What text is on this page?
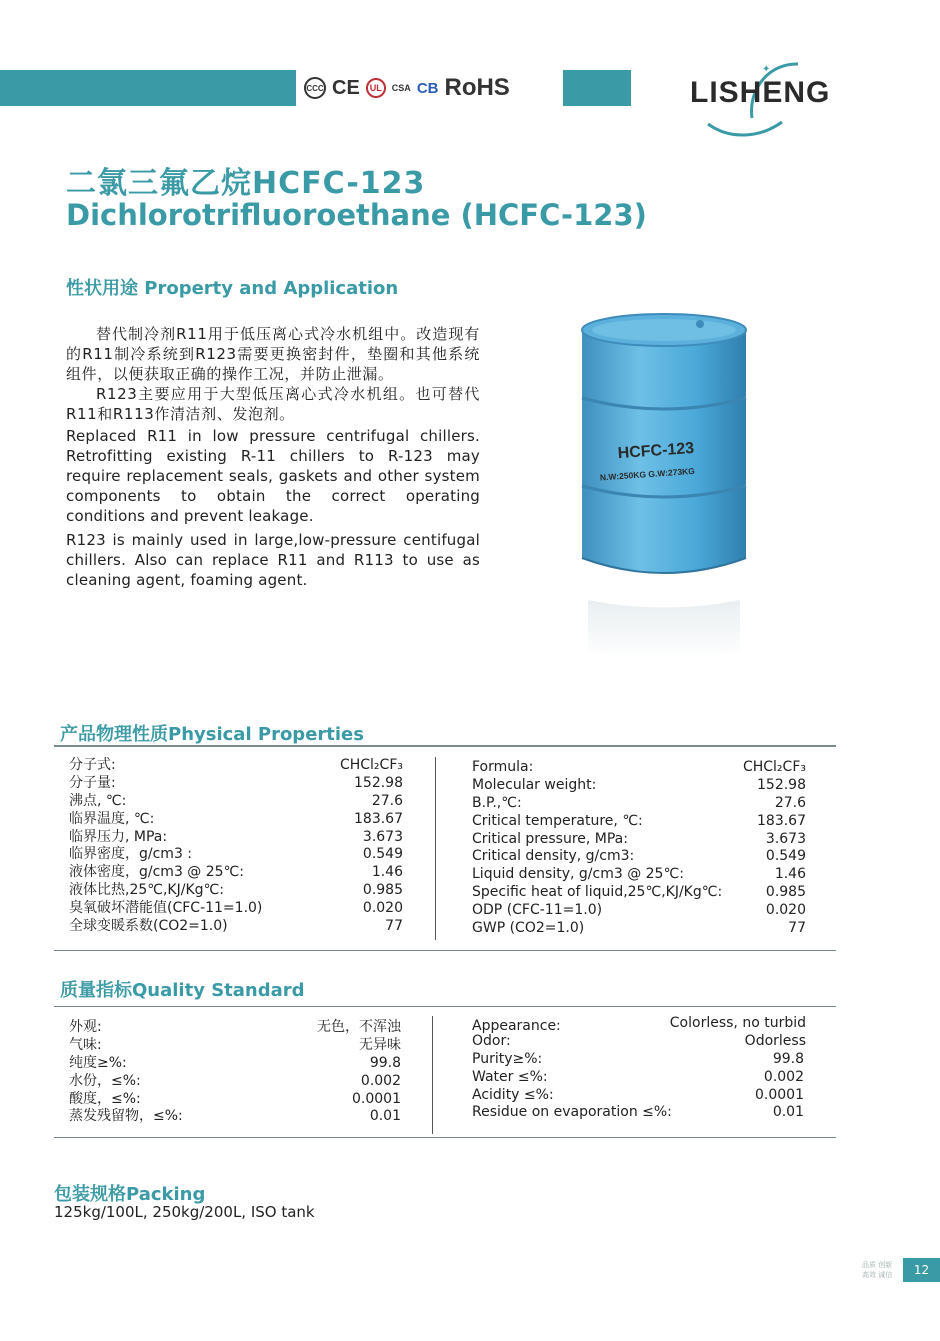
CCC CE	UL	CSA CB RoHS
✦
LISHENG
二氯三氟乙烷HCFC-123
Dichlorotrifluoroethane (HCFC-123)
性状用途 Property and Application

替代制冷剂R11用于低压离心式冷水机组中。改造现有的R11制冷系统到R123需要更换密封件，垫圈和其他系统组件，以便获取正确的操作工况，并防止泄漏。

R123主要应用于大型低压离心式冷水机组。也可替代R11和R113作清洁剂、发泡剂。

Replaced R11 in low pressure centrifugal chillers. Retrofitting existing R-11 chillers to R-123 may require replacement seals, gaskets and other system components to obtain the correct operating conditions and prevent leakage.

R123 is mainly used in large,low-pressure centifugal chillers. Also can replace R11 and R113 to use as cleaning agent, foaming agent.

HCFC-123
N.W:250KG G.W:273KG
产品物理性质Physical Properties
分子式:	CHCl₂CF₃
分子量:	152.98
沸点, ℃:	27.6
临界温度, ℃:	183.67
临界压力, MPa:	3.673
临界密度，g/cm3 :	0.549
液体密度，g/cm3 @ 25℃:	1.46
液体比热,25℃,KJ/Kg℃:	0.985
臭氧破坏潜能值(CFC-11=1.0)	0.020
全球变暖系数(CO2=1.0)	77
Formula:	CHCl₂CF₃
Molecular weight:	152.98
B.P.,℃:	27.6
Critical temperature, ℃:	183.67
Critical pressure, MPa:	3.673
Critical density, g/cm3:	0.549
Liquid density, g/cm3 @ 25℃:	1.46
Specific heat of liquid,25℃,KJ/Kg℃:	0.985
ODP (CFC-11=1.0)	0.020
GWP (CO2=1.0)	77
质量指标Quality Standard
外观:	无色，不浑浊
气味:	无异味
纯度≥%:	99.8
水份，≤%:	0.002
酸度，≤%:	0.0001
蒸发残留物，≤%:	0.01
Appearance:	Colorless, no turbid
Odor:	Odorless
Purity≥%:	99.8
Water ≤%:	0.002
Acidity ≤%:	0.0001
Residue on evaporation ≤%:	0.01
包装规格Packing
125kg/100L, 250kg/200L, ISO tank
品质 创新
高效 诚信	12
